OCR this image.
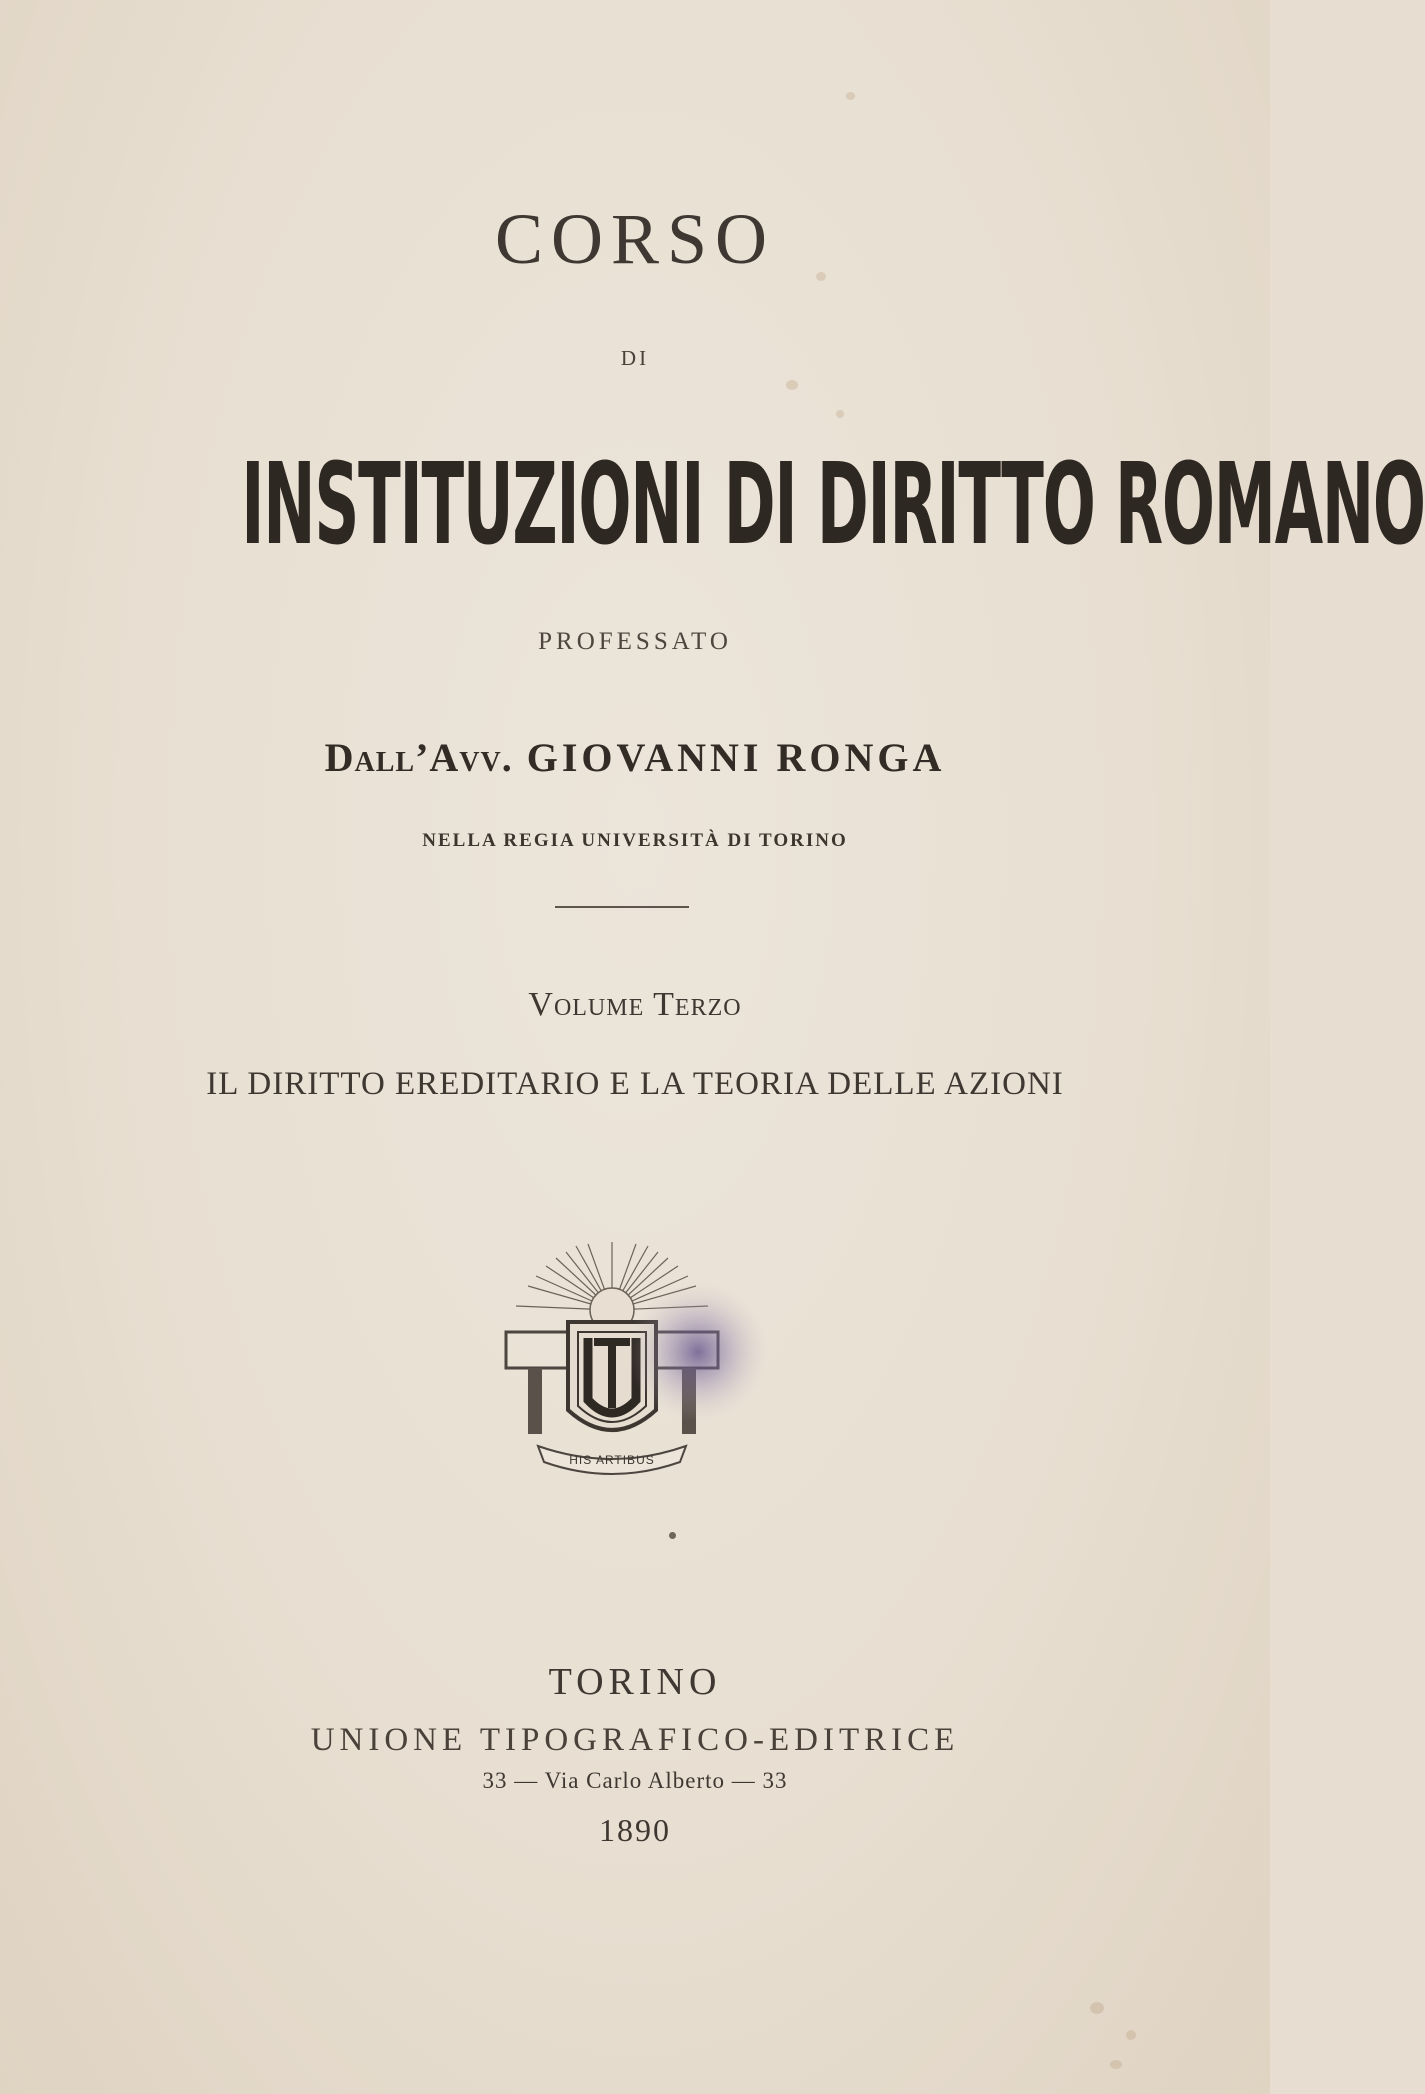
CORSO
DI
INSTITUZIONI DI DIRITTO ROMANO
PROFESSATO
Dall’Avv. GIOVANNI RONGA
NELLA REGIA UNIVERSITÀ DI TORINO
Volume Terzo
IL DIRITTO EREDITARIO E LA TEORIA DELLE AZIONI
HIS ARTIBUS
TORINO
UNIONE TIPOGRAFICO-EDITRICE
33 — Via Carlo Alberto — 33
1890
